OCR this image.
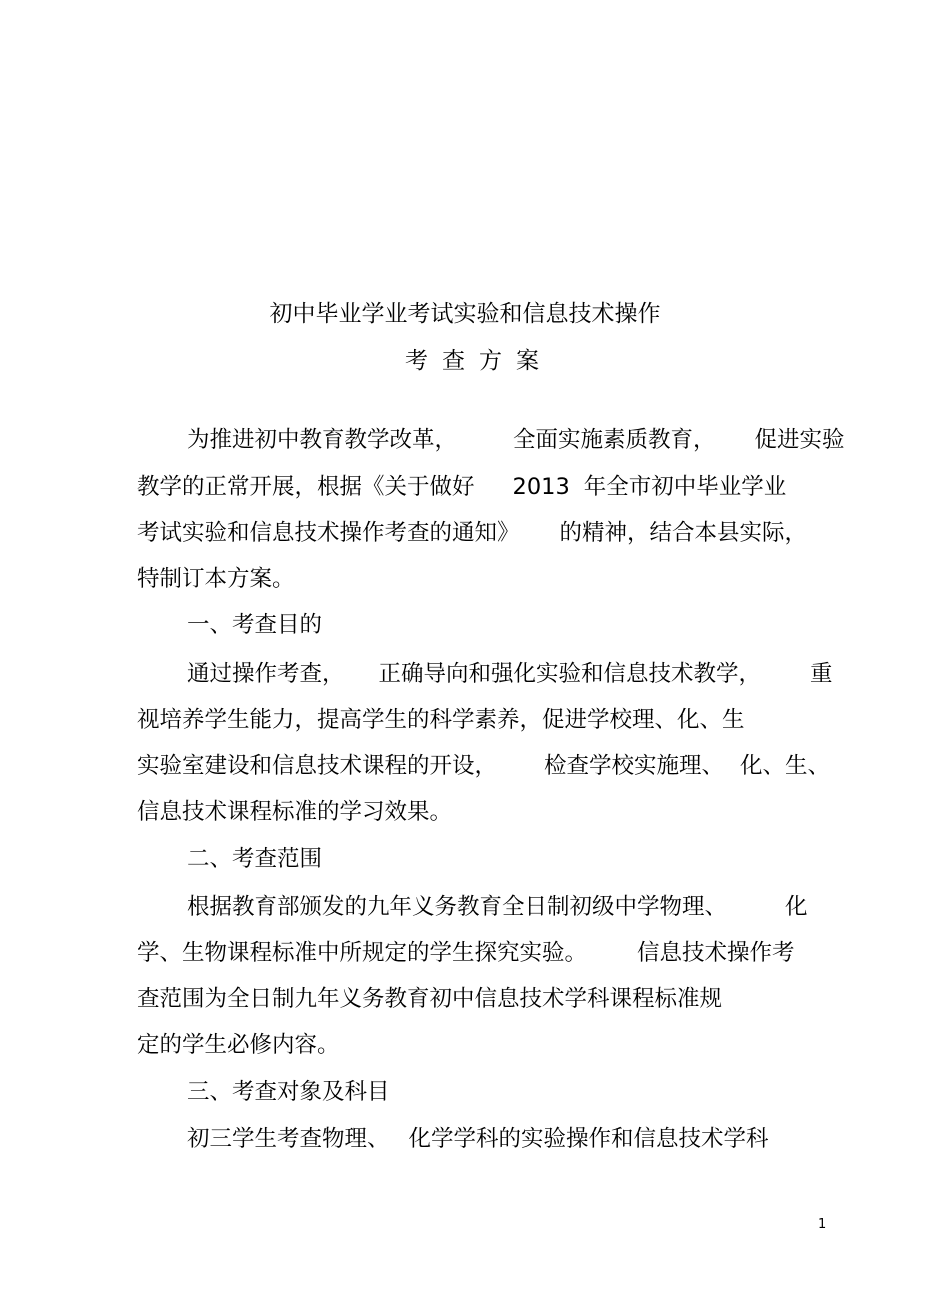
初中毕业学业考试实验和信息技术操作
考查方案
为推进初中教育教学改革， 全面实施素质教育， 促进实验
教学的正常开展，根据《关于做好 2013 年全市初中毕业学业
考试实验和信息技术操作考查的通知》 的精神，结合本县实际，
特制订本方案。
一、考查目的
通过操作考查， 正确导向和强化实验和信息技术教学， 重
视培养学生能力，提高学生的科学素养，促进学校理、化、生
实验室建设和信息技术课程的开设， 检查学校实施理、 化、生、
信息技术课程标准的学习效果。
二、考查范围
根据教育部颁发的九年义务教育全日制初级中学物理、	化
学、生物课程标准中所规定的学生探究实验。 信息技术操作考
查范围为全日制九年义务教育初中信息技术学科课程标准规
定的学生必修内容。
三、考查对象及科目
初三学生考查物理、 化学学科的实验操作和信息技术学科
1
